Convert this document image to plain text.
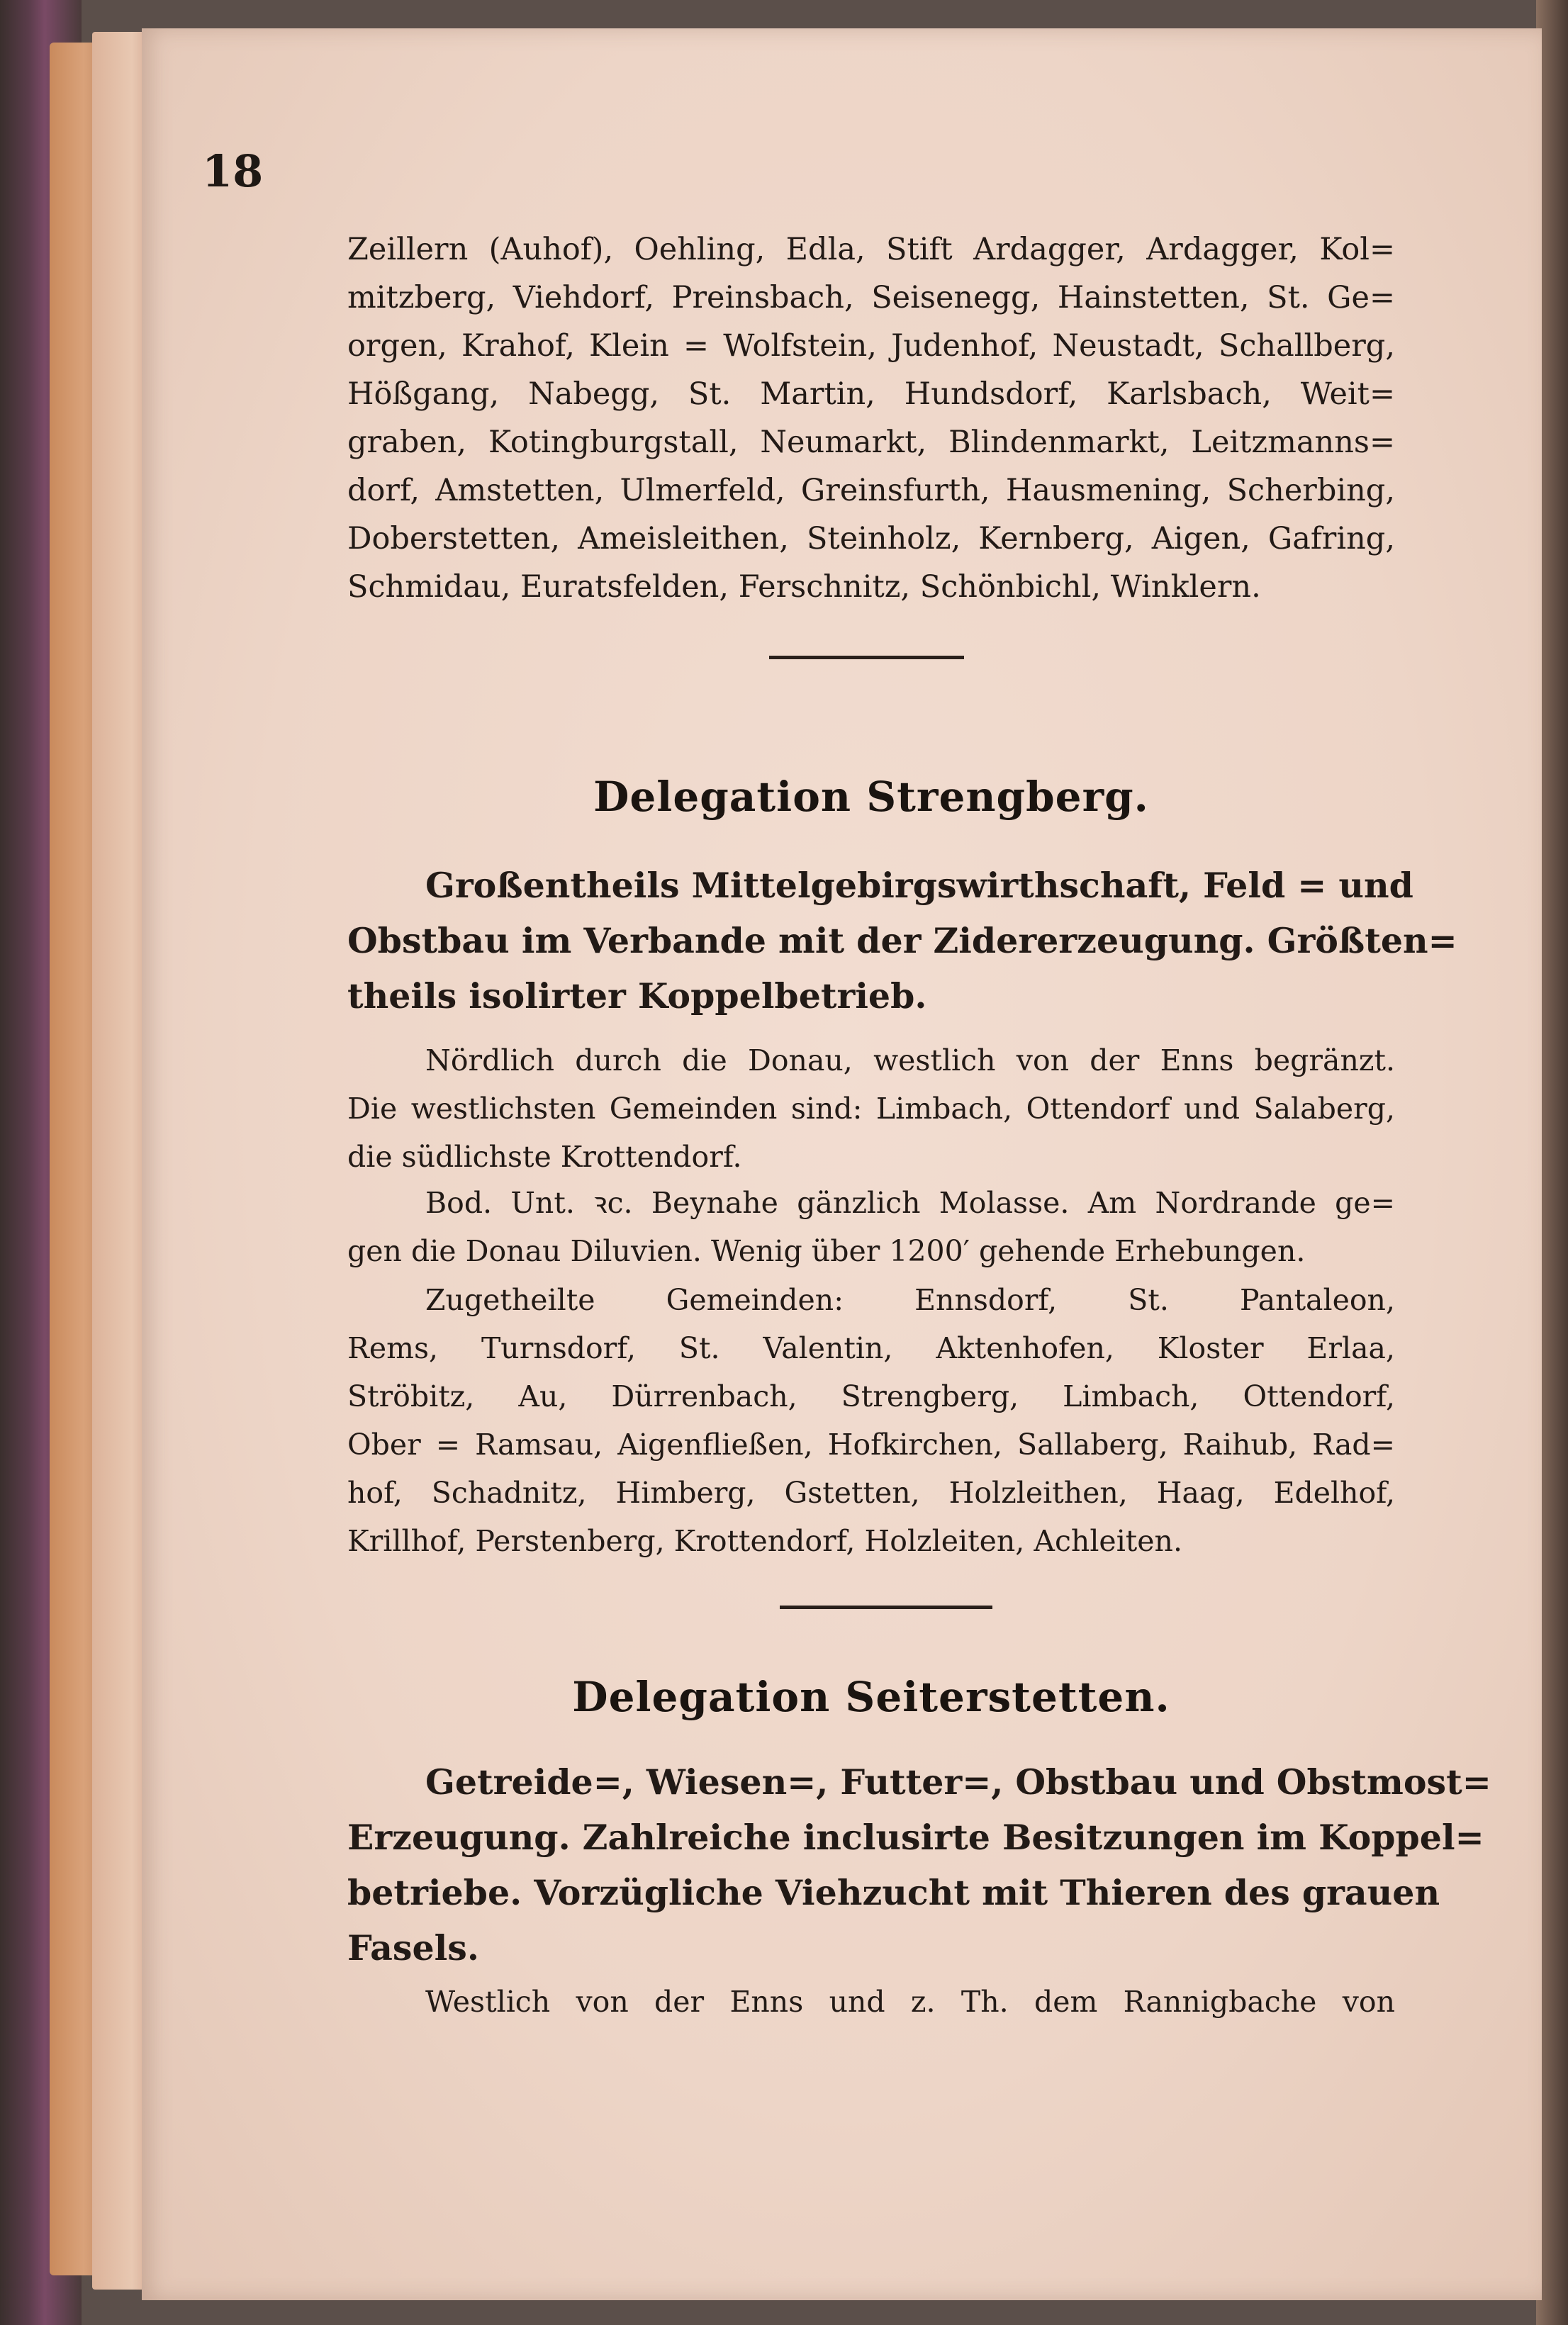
18

Zeillern (Auhof), Oehling, Edla, Stift Ardagger, Ardagger, Kol=
mitzberg, Viehdorf, Preinsbach, Seisenegg, Hainstetten, St. Ge=
orgen, Krahof, Klein = Wolfstein, Judenhof, Neustadt, Schallberg,
Hößgang, Nabegg, St. Martin, Hundsdorf, Karlsbach, Weit=
graben, Kotingburgstall, Neumarkt, Blindenmarkt, Leitzmanns=
dorf, Amstetten, Ulmerfeld, Greinsfurth, Hausmening, Scherbing,
Doberstetten, Ameisleithen, Steinholz, Kernberg, Aigen, Gafring,
Schmidau, Euratsfelden, Ferschnitz, Schönbichl, Winklern.

Delegation Strengberg.

Großentheils Mittelgebirgswirthschaft, Feld = und
Obstbau im Verbande mit der Zidererzeugung. Größten=
theils isolirter Koppelbetrieb.

Nördlich durch die Donau, westlich von der Enns begränzt.
Die westlichsten Gemeinden sind: Limbach, Ottendorf und Salaberg,
die südlichste Krottendorf.

Bod. Unt. ꝛc. Beynahe gänzlich Molasse. Am Nordrande ge=
gen die Donau Diluvien. Wenig über 1200′ gehende Erhebungen.

Zugetheilte Gemeinden: Ennsdorf, St. Pantaleon,
Rems, Turnsdorf, St. Valentin, Aktenhofen, Kloster Erlaa,
Ströbitz, Au, Dürrenbach, Strengberg, Limbach, Ottendorf,
Ober = Ramsau, Aigenfließen, Hofkirchen, Sallaberg, Raihub, Rad=
hof, Schadnitz, Himberg, Gstetten, Holzleithen, Haag, Edelhof,
Krillhof, Perstenberg, Krottendorf, Holzleiten, Achleiten.

Delegation Seiterstetten.

Getreide=, Wiesen=, Futter=, Obstbau und Obstmost=
Erzeugung. Zahlreiche inclusirte Besitzungen im Koppel=
betriebe. Vorzügliche Viehzucht mit Thieren des grauen
Fasels.

Westlich von der Enns und z. Th. dem Rannigbache von
